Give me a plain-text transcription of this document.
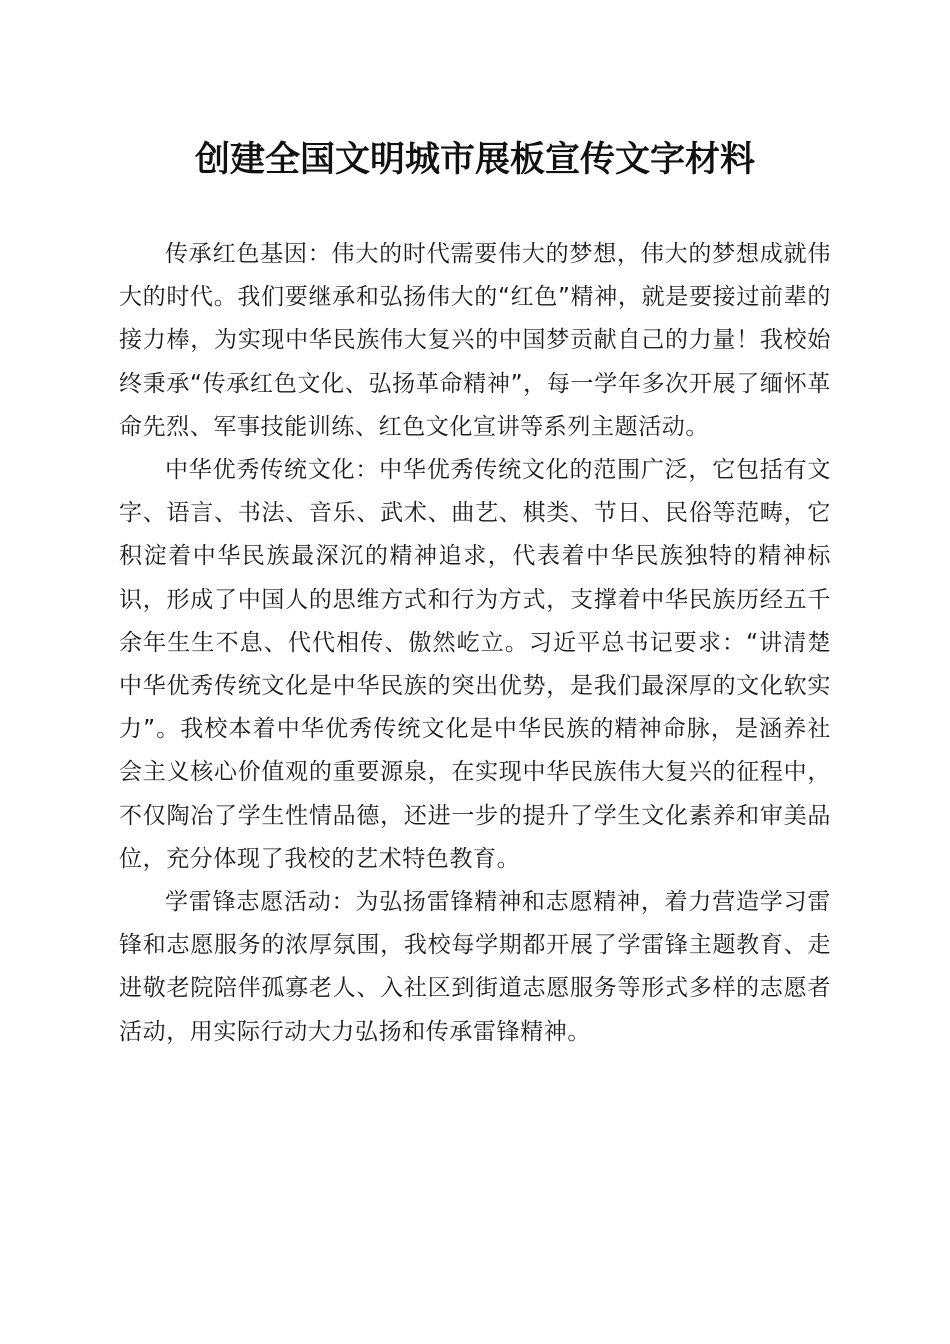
创建全国文明城市展板宣传文字材料

传承红色基因：伟大的时代需要伟大的梦想，伟大的梦想成就伟大的时代。我们要继承和弘扬伟大的“红色”精神，就是要接过前辈的接力棒，为实现中华民族伟大复兴的中国梦贡献自己的力量！我校始终秉承“传承红色文化、弘扬革命精神”，每一学年多次开展了缅怀革命先烈、军事技能训练、红色文化宣讲等系列主题活动。

中华优秀传统文化：中华优秀传统文化的范围广泛，它包括有文字、语言、书法、音乐、武术、曲艺、棋类、节日、民俗等范畴，它积淀着中华民族最深沉的精神追求，代表着中华民族独特的精神标识，形成了中国人的思维方式和行为方式，支撑着中华民族历经五千余年生生不息、代代相传、傲然屹立。习近平总书记要求：“讲清楚中华优秀传统文化是中华民族的突出优势，是我们最深厚的文化软实力”。我校本着中华优秀传统文化是中华民族的精神命脉，是涵养社会主义核心价值观的重要源泉，在实现中华民族伟大复兴的征程中，不仅陶冶了学生性情品德，还进一步的提升了学生文化素养和审美品位，充分体现了我校的艺术特色教育。

学雷锋志愿活动：为弘扬雷锋精神和志愿精神，着力营造学习雷锋和志愿服务的浓厚氛围，我校每学期都开展了学雷锋主题教育、走进敬老院陪伴孤寡老人、入社区到街道志愿服务等形式多样的志愿者活动，用实际行动大力弘扬和传承雷锋精神。
